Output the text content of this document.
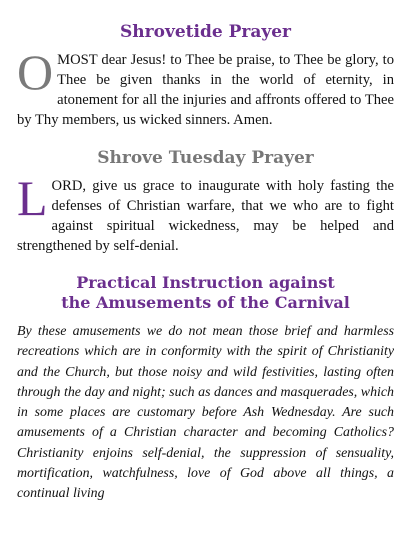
Shrovetide Prayer
OMOST dear Jesus! to Thee be praise, to Thee be glory, to Thee be given thanks in the world of eternity, in atonement for all the injuries and affronts offered to Thee by Thy members, us wicked sinners. Amen.
Shrove Tuesday Prayer
LORD, give us grace to inaugurate with holy fasting the defenses of Christian warfare, that we who are to fight against spiritual wickedness, may be helped and strengthened by self-denial.
Practical Instruction against
the Amusements of the Carnival

By these amusements we do not mean those brief and harmless recreations which are in conformity with the spirit of Christianity and the Church, but those noisy and wild festivities, lasting often through the day and night; such as dances and masquerades, which in some places are customary before Ash Wednesday. Are such amusements of a Christian character and becoming Catholics? Christianity enjoins self-denial, the suppression of sensuality, mortification, watchfulness, love of God above all things, a continual living
